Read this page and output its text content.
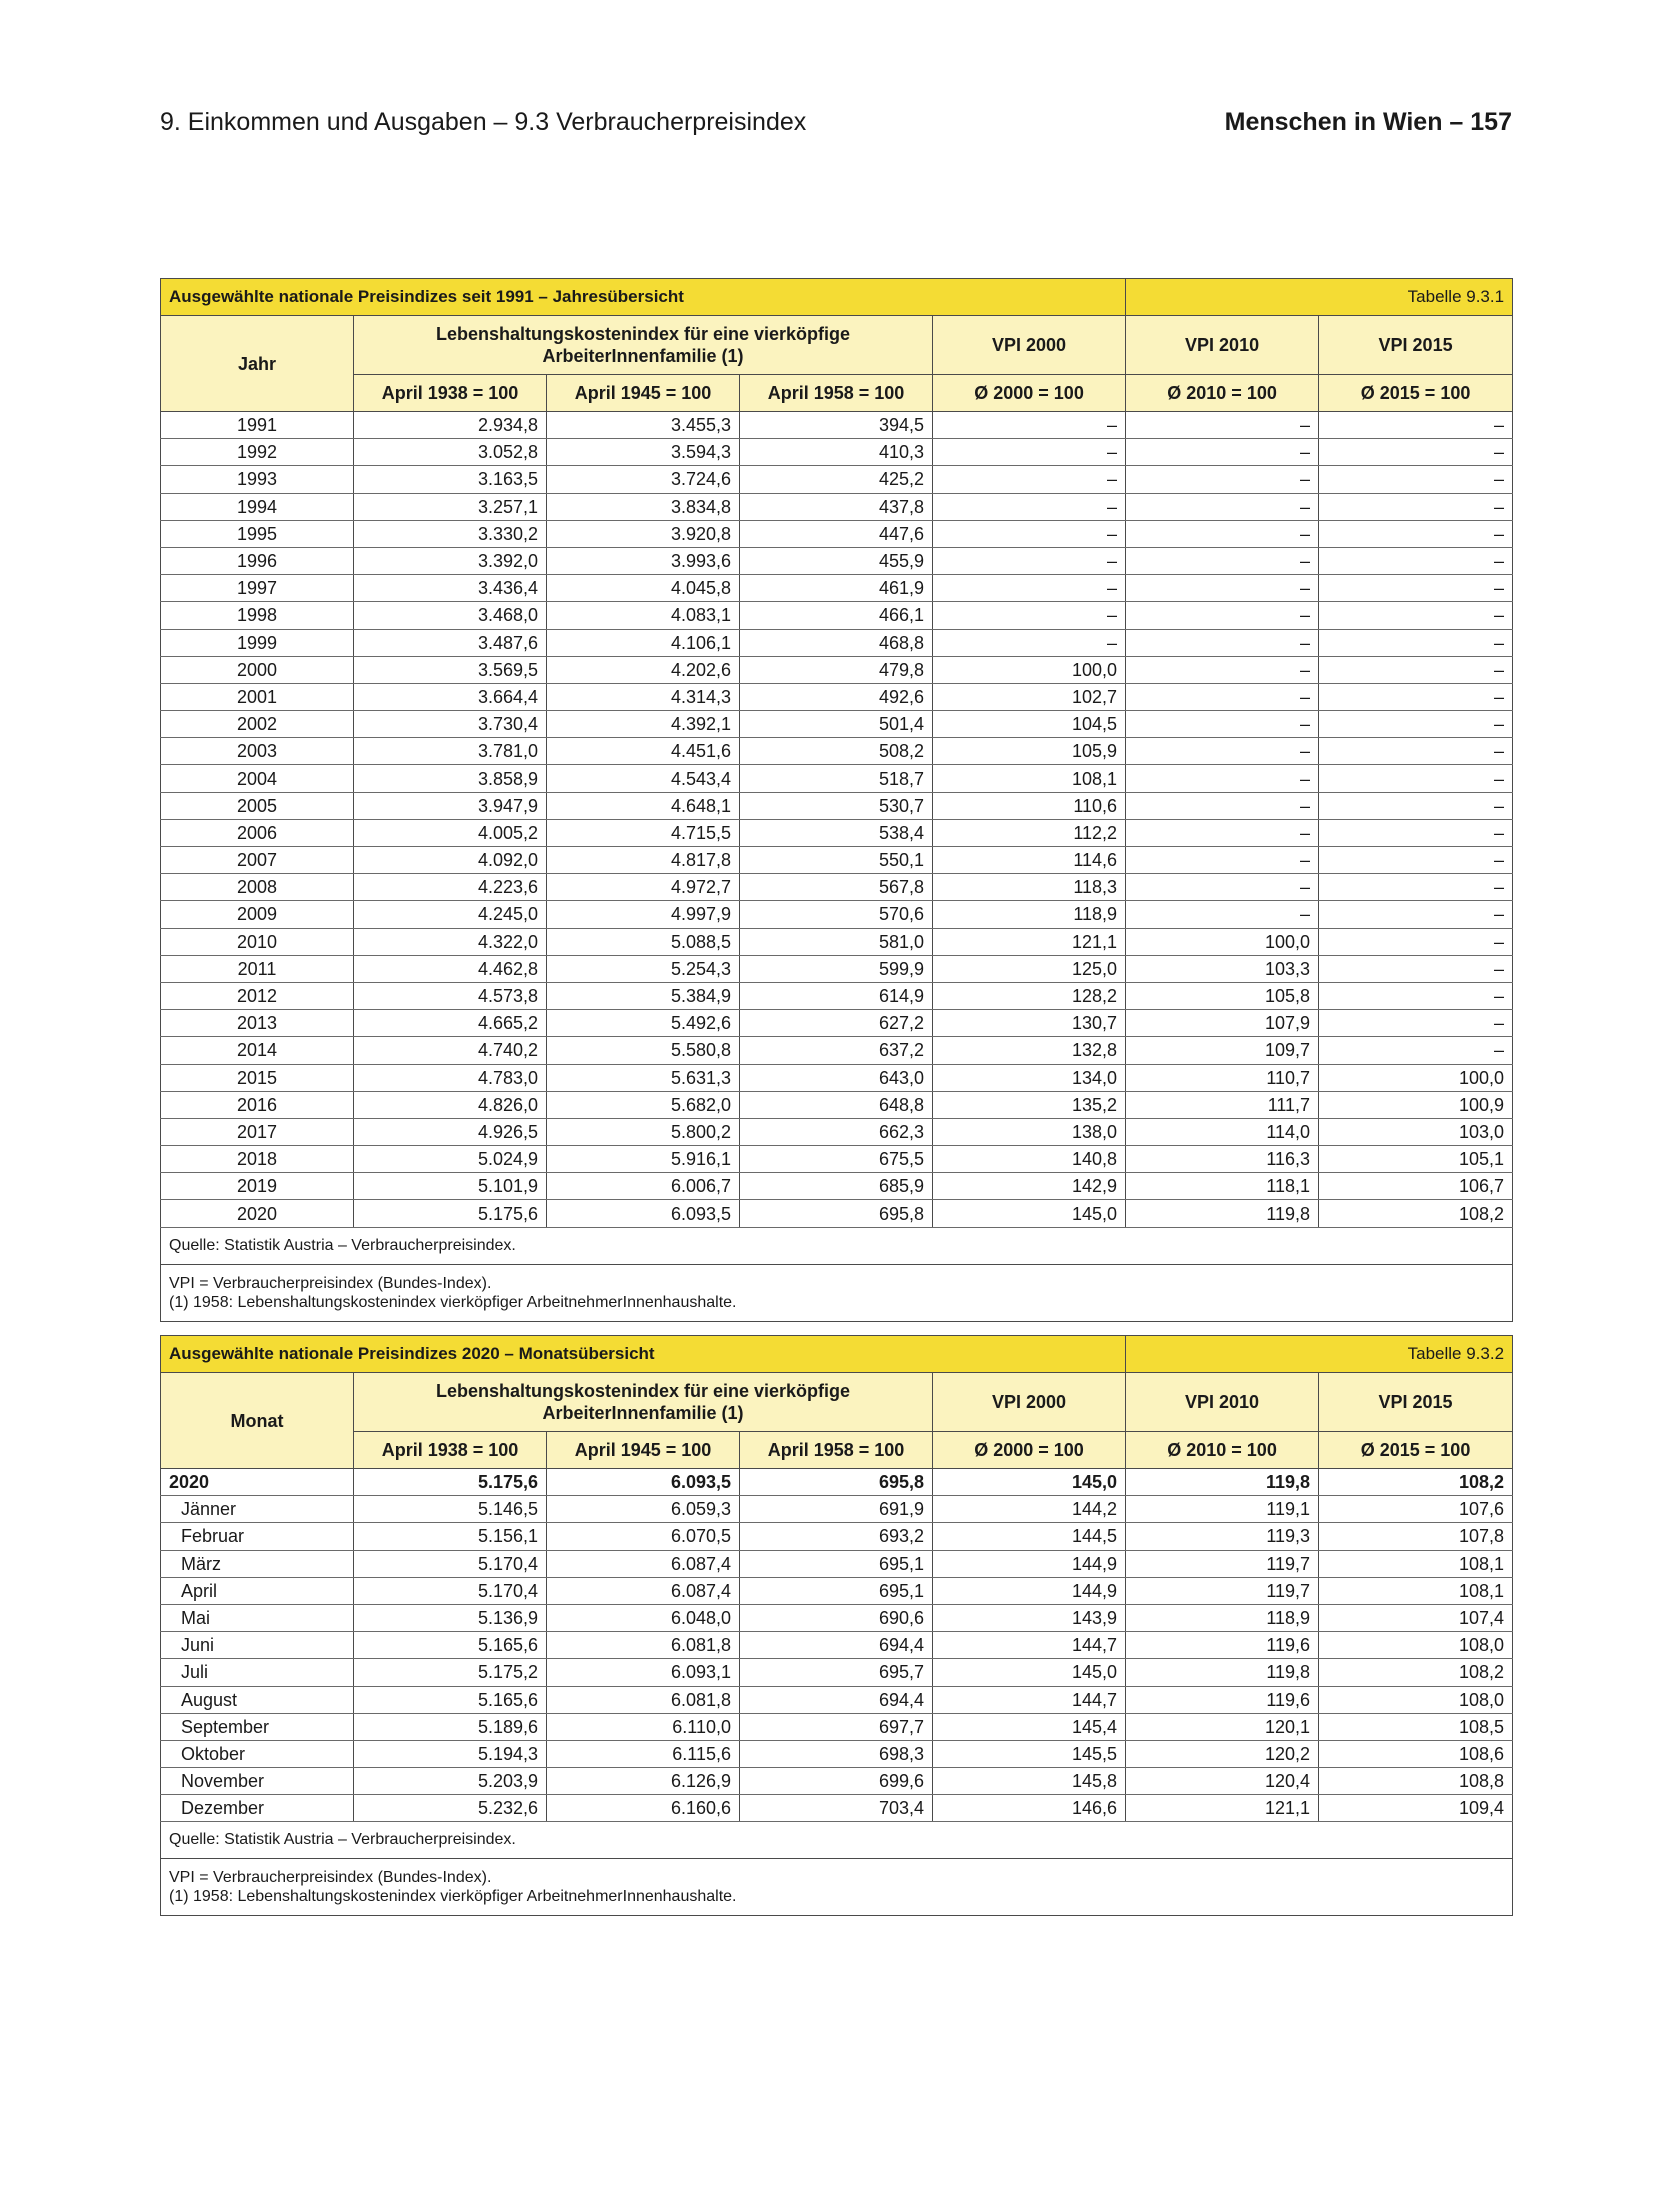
9. Einkommen und Ausgaben – 9.3 Verbraucherpreisindex	Menschen in Wien – 157
Ausgewählte nationale Preisindizes seit 1991 – Jahresübersicht					Tabelle 9.3.1	
Jahr	Lebenshaltungskostenindex für eine vierköpfige ArbeiterInnenfamilie (1)			VPI 2000	VPI 2010	VPI 2015
	April 1938 = 100	April 1945 = 100	April 1958 = 100	Ø 2000 = 100	Ø 2010 = 100	Ø 2015 = 100
1991	2.934,8	3.455,3	394,5	–	–	–
1992	3.052,8	3.594,3	410,3	–	–	–
1993	3.163,5	3.724,6	425,2	–	–	–
1994	3.257,1	3.834,8	437,8	–	–	–
1995	3.330,2	3.920,8	447,6	–	–	–
1996	3.392,0	3.993,6	455,9	–	–	–
1997	3.436,4	4.045,8	461,9	–	–	–
1998	3.468,0	4.083,1	466,1	–	–	–
1999	3.487,6	4.106,1	468,8	–	–	–
2000	3.569,5	4.202,6	479,8	100,0	–	–
2001	3.664,4	4.314,3	492,6	102,7	–	–
2002	3.730,4	4.392,1	501,4	104,5	–	–
2003	3.781,0	4.451,6	508,2	105,9	–	–
2004	3.858,9	4.543,4	518,7	108,1	–	–
2005	3.947,9	4.648,1	530,7	110,6	–	–
2006	4.005,2	4.715,5	538,4	112,2	–	–
2007	4.092,0	4.817,8	550,1	114,6	–	–
2008	4.223,6	4.972,7	567,8	118,3	–	–
2009	4.245,0	4.997,9	570,6	118,9	–	–
2010	4.322,0	5.088,5	581,0	121,1	100,0	–
2011	4.462,8	5.254,3	599,9	125,0	103,3	–
2012	4.573,8	5.384,9	614,9	128,2	105,8	–
2013	4.665,2	5.492,6	627,2	130,7	107,9	–
2014	4.740,2	5.580,8	637,2	132,8	109,7	–
2015	4.783,0	5.631,3	643,0	134,0	110,7	100,0
2016	4.826,0	5.682,0	648,8	135,2	111,7	100,9
2017	4.926,5	5.800,2	662,3	138,0	114,0	103,0
2018	5.024,9	5.916,1	675,5	140,8	116,3	105,1
2019	5.101,9	6.006,7	685,9	142,9	118,1	106,7
2020	5.175,6	6.093,5	695,8	145,0	119,8	108,2
Quelle: Statistik Austria – Verbraucherpreisindex.						

VPI = Verbraucherpreisindex (Bundes-Index).
(1) 1958: Lebenshaltungskostenindex vierköpfiger ArbeitnehmerInnenhaushalte.						
Ausgewählte nationale Preisindizes 2020 – Monatsübersicht					Tabelle 9.3.2	
Monat	Lebenshaltungskostenindex für eine vierköpfige ArbeiterInnenfamilie (1)			VPI 2000	VPI 2010	VPI 2015
	April 1938 = 100	April 1945 = 100	April 1958 = 100	Ø 2000 = 100	Ø 2010 = 100	Ø 2015 = 100
2020	5.175,6	6.093,5	695,8	145,0	119,8	108,2
Jänner	5.146,5	6.059,3	691,9	144,2	119,1	107,6
Februar	5.156,1	6.070,5	693,2	144,5	119,3	107,8
März	5.170,4	6.087,4	695,1	144,9	119,7	108,1
April	5.170,4	6.087,4	695,1	144,9	119,7	108,1
Mai	5.136,9	6.048,0	690,6	143,9	118,9	107,4
Juni	5.165,6	6.081,8	694,4	144,7	119,6	108,0
Juli	5.175,2	6.093,1	695,7	145,0	119,8	108,2
August	5.165,6	6.081,8	694,4	144,7	119,6	108,0
September	5.189,6	6.110,0	697,7	145,4	120,1	108,5
Oktober	5.194,3	6.115,6	698,3	145,5	120,2	108,6
November	5.203,9	6.126,9	699,6	145,8	120,4	108,8
Dezember	5.232,6	6.160,6	703,4	146,6	121,1	109,4
Quelle: Statistik Austria – Verbraucherpreisindex.						

VPI = Verbraucherpreisindex (Bundes-Index).
(1) 1958: Lebenshaltungskostenindex vierköpfiger ArbeitnehmerInnenhaushalte.						
